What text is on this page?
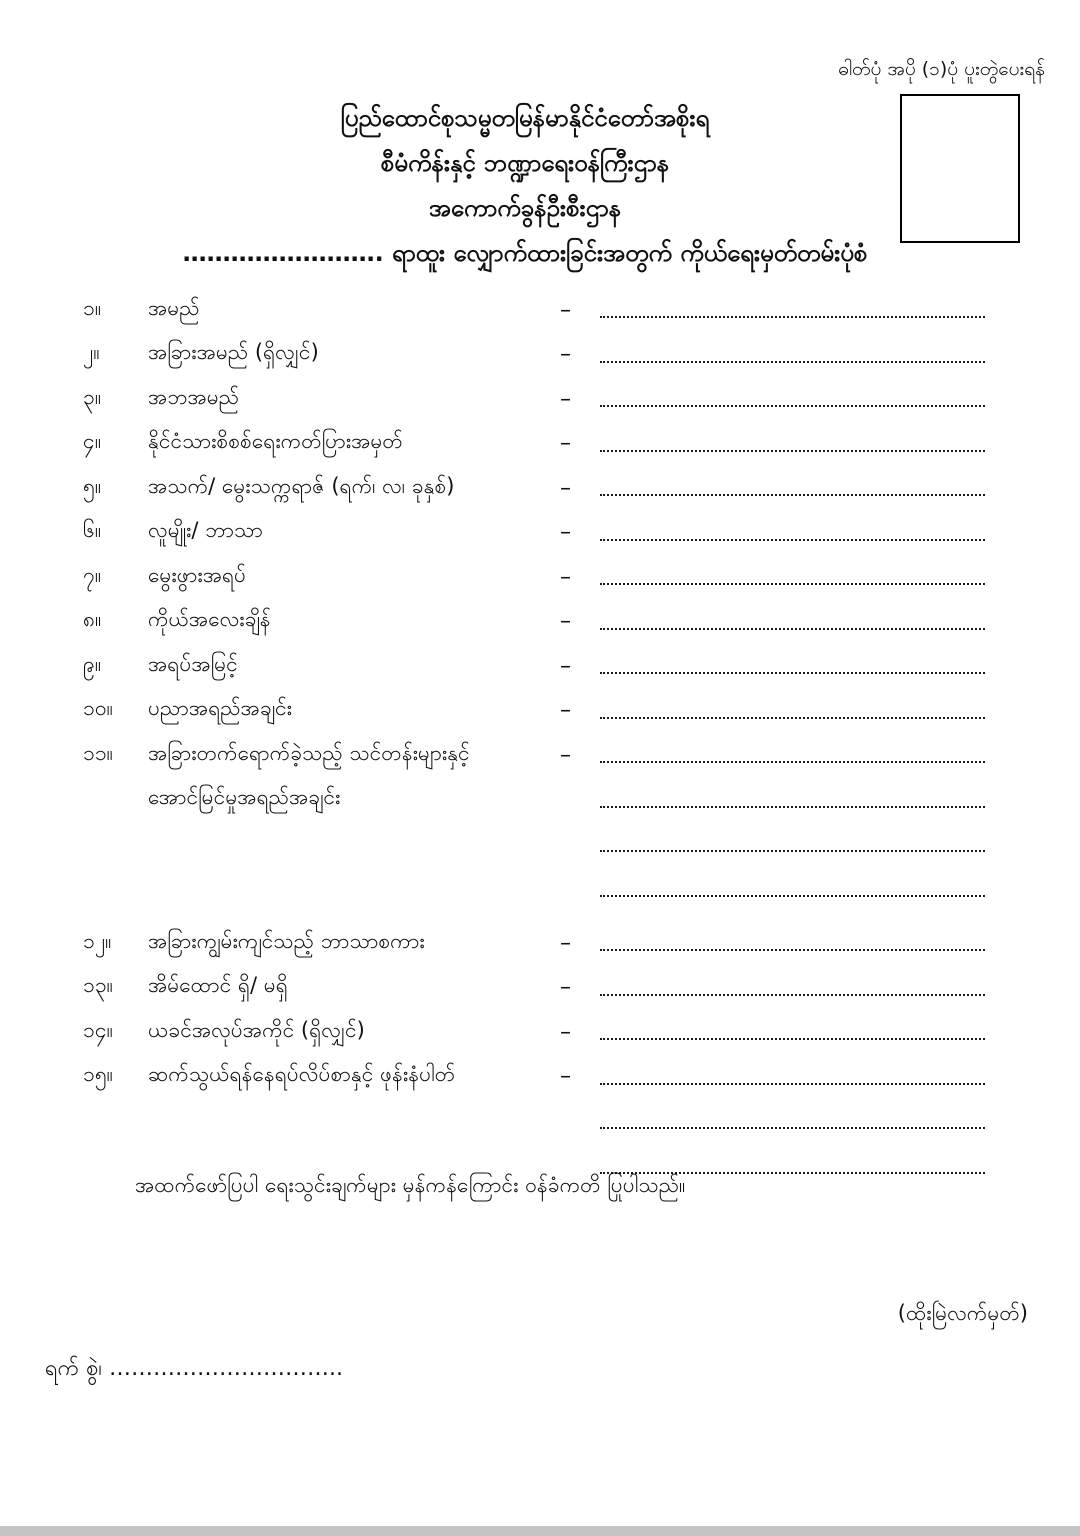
ဓါတ်ပုံ အပို (၁)ပုံ ပူးတွဲပေးရန်
ပြည်ထောင်စုသမ္မတမြန်မာနိုင်ငံတော်အစိုးရ
စီမံကိန်းနှင့် ဘဏ္ဍာရေးဝန်ကြီးဌာန
အကောက်ခွန်ဦးစီးဌာန
……………………. ရာထူး လျှောက်ထားခြင်းအတွက် ကိုယ်ရေးမှတ်တမ်းပုံစံ
၁။	အမည်	–
၂။	အခြားအမည် (ရှိလျှင်)	–
၃။	အဘအမည်	–
၄။	နိုင်ငံသားစိစစ်ရေးကတ်ပြားအမှတ်	–
၅။	အသက်/ မွေးသက္ကရာဇ် (ရက်၊ လ၊ ခုနှစ်)	–
၆။	လူမျိုး/ ဘာသာ	–
၇။	မွေးဖွားအရပ်	–
၈။	ကိုယ်အလေးချိန်	–
၉။	အရပ်အမြင့်	–
၁၀။	ပညာအရည်အချင်း	–
၁၁။	အခြားတက်ရောက်ခဲ့သည့် သင်တန်းများနှင့်	–
အောင်မြင်မှုအရည်အချင်း
၁၂။	အခြားကျွမ်းကျင်သည့် ဘာသာစကား	–
၁၃။	အိမ်ထောင် ရှိ/ မရှိ	–
၁၄။	ယခင်အလုပ်အကိုင် (ရှိလျှင်)	–
၁၅။	ဆက်သွယ်ရန်နေရပ်လိပ်စာနှင့် ဖုန်းနံပါတ်	–
အထက်ဖော်ပြပါ ရေးသွင်းချက်များ မှန်ကန်ကြောင်း ဝန်ခံကတိ ပြုပါသည်။
(ထိုးမြဲလက်မှတ်)
ရက် စွဲ၊ …………………………..
